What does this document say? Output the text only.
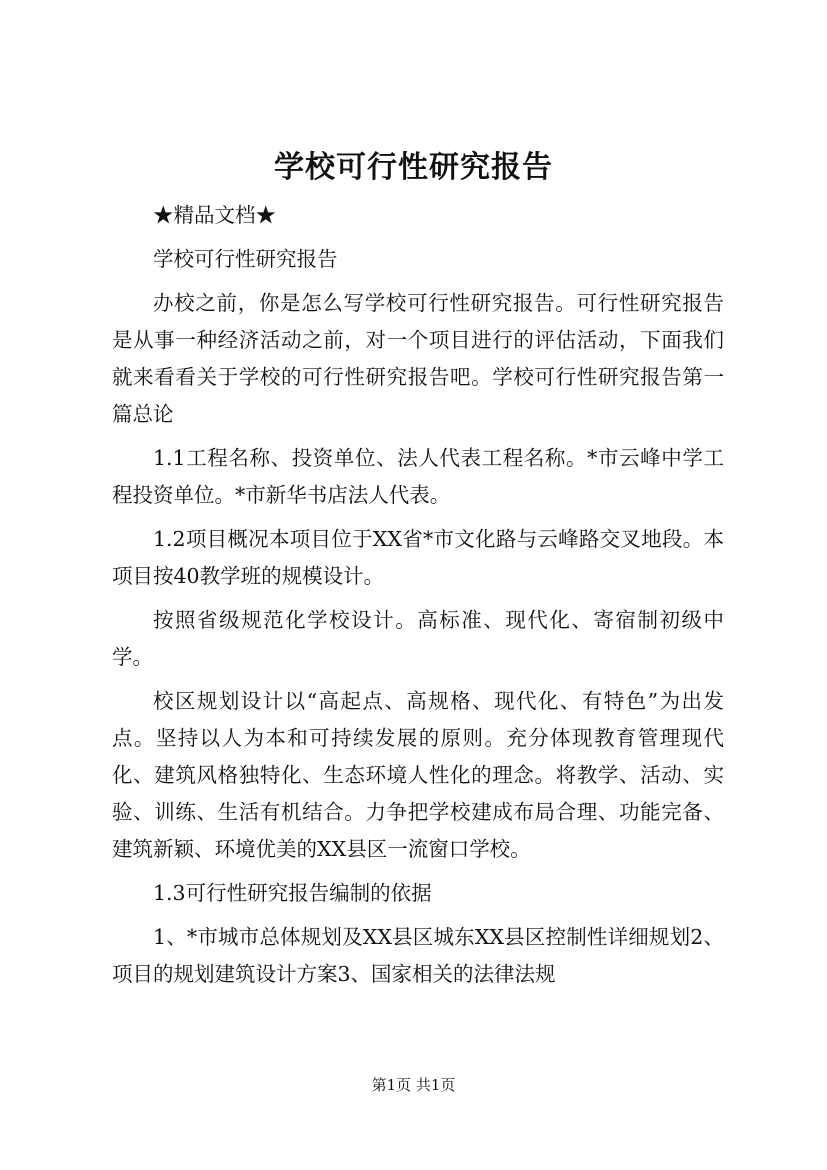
学校可行性研究报告

★精品文档★

学校可行性研究报告

办校之前，你是怎么写学校可行性研究报告。可行性研究报告是从事一种经济活动之前，对一个项目进行的评估活动，下面我们就来看看关于学校的可行性研究报告吧。学校可行性研究报告第一篇总论

1.1工程名称、投资单位、法人代表工程名称。*市云峰中学工程投资单位。*市新华书店法人代表。

1.2项目概况本项目位于XX省*市文化路与云峰路交叉地段。本项目按40教学班的规模设计。

按照省级规范化学校设计。高标准、现代化、寄宿制初级中学。

校区规划设计以“高起点、高规格、现代化、有特色”为出发点。坚持以人为本和可持续发展的原则。充分体现教育管理现代化、建筑风格独特化、生态环境人性化的理念。将教学、活动、实验、训练、生活有机结合。力争把学校建成布局合理、功能完备、建筑新颖、环境优美的XX县区一流窗口学校。

1.3可行性研究报告编制的依据

1、*市城市总体规划及XX县区城东XX县区控制性详细规划2、项目的规划建筑设计方案3、国家相关的法律法规

第1页 共1页
